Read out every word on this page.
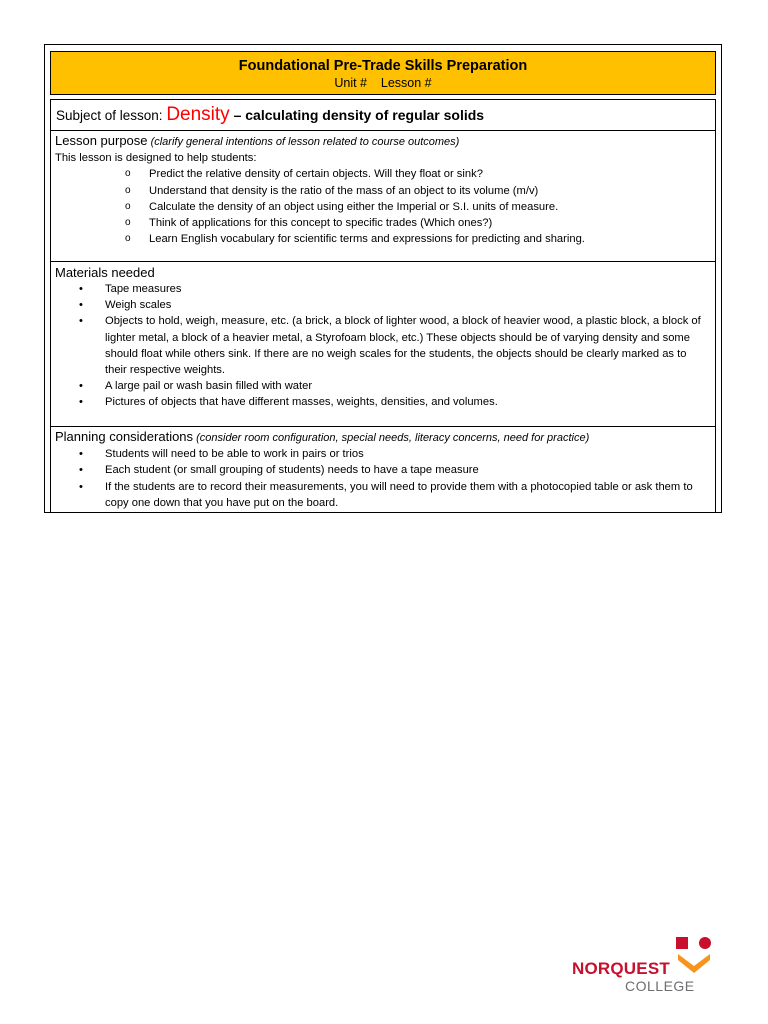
Foundational Pre-Trade Skills Preparation
Unit #    Lesson #
Subject of lesson: Density – calculating density of regular solids
Lesson purpose (clarify general intentions of lesson related to course outcomes)
This lesson is designed to help students:
o Predict the relative density of certain objects. Will they float or sink?
o Understand that density is the ratio of the mass of an object to its volume (m/v)
o Calculate the density of an object using either the Imperial or S.I. units of measure.
o Think of applications for this concept to specific trades (Which ones?)
o Learn English vocabulary for scientific terms and expressions for predicting and sharing.
Materials needed
• Tape measures
• Weigh scales
• Objects to hold, weigh, measure, etc. (a brick, a block of lighter wood, a block of heavier wood, a plastic block, a block of lighter metal, a block of a heavier metal, a Styrofoam block, etc.) These objects should be of varying density and some should float while others sink. If there are no weigh scales for the students, the objects should be clearly marked as to their respective weights.
• A large pail or wash basin filled with water
• Pictures of objects that have different masses, weights, densities, and volumes.
Planning considerations (consider room configuration, special needs, literacy concerns, need for practice)
• Students will need to be able to work in pairs or trios
• Each student (or small grouping of students) needs to have a tape measure
• If the students are to record their measurements, you will need to provide them with a photocopied table or ask them to copy one down that you have put on the board.
NORQUEST
COLLEGE
